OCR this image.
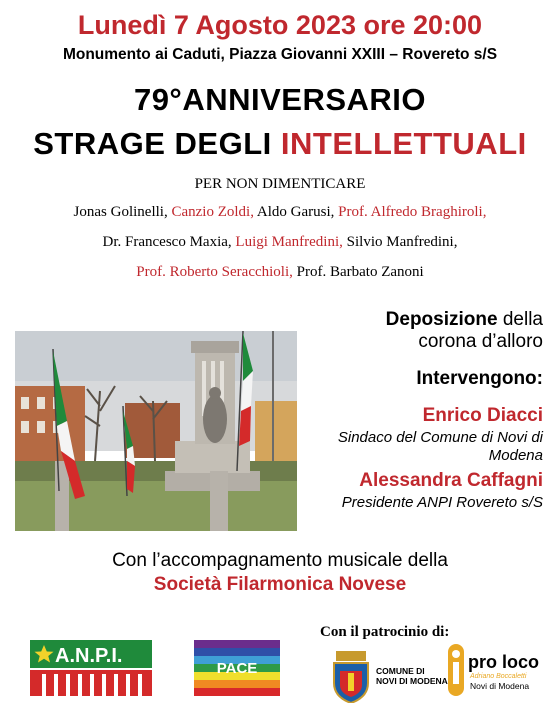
Lunedì 7 Agosto 2023 ore 20:00
Monumento ai Caduti, Piazza Giovanni XXIII – Rovereto s/S
79°ANNIVERSARIO
STRAGE DEGLI INTELLETTUALI
PER NON DIMENTICARE
Jonas Golinelli, Canzio Zoldi, Aldo Garusi, Prof. Alfredo Braghiroli,
Dr. Francesco Maxia, Luigi Manfredini, Silvio Manfredini,
Prof. Roberto Seracchioli, Prof. Barbato Zanoni
Deposizione della
corona d’alloro
Intervengono:
Enrico Diacci
Sindaco del Comune di Novi di Modena
Alessandra Caffagni
Presidente ANPI Rovereto s/S
Con l’accompagnamento musicale della
Società Filarmonica Novese
Con il patrocinio di:
A.N.P.I.
PACE	COMUNE DI
NOVI DI MODENA
pro loco
Adriano Boccaletti
Novi di Modena
